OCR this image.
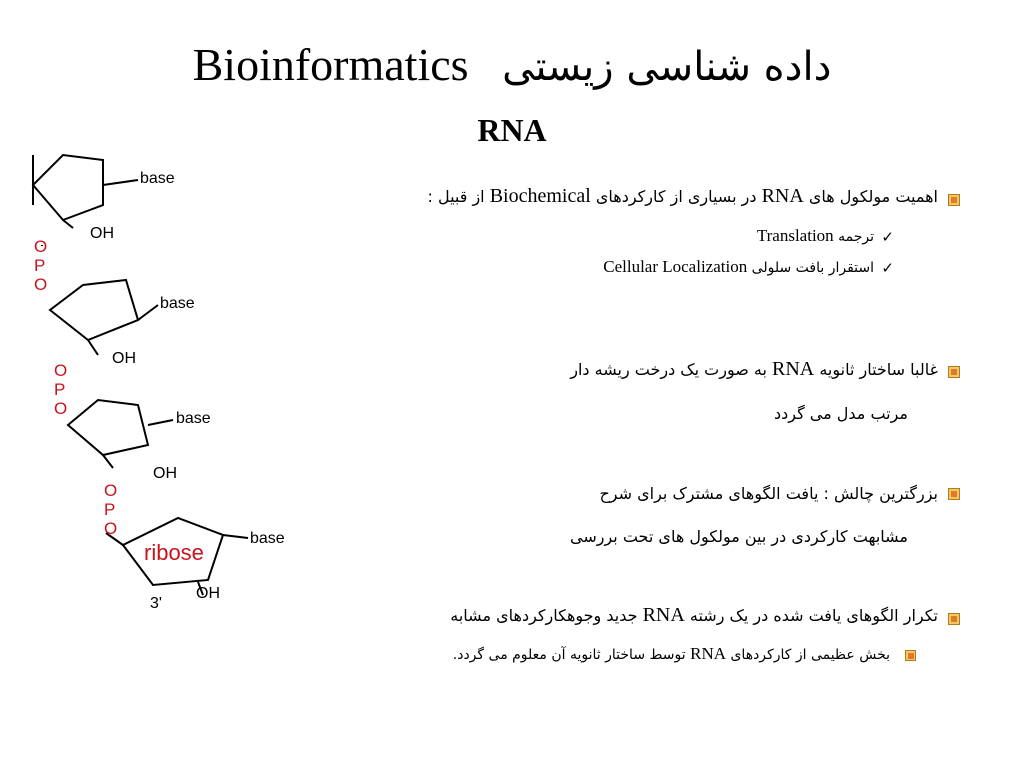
Bioinformatics داده شناسی زیستی
RNA
base
OH
base
OH
base
OH
base
OH
3'
O
P
O
O
P
O
O
P
O
ribose
اهمیت مولکول های RNA در بسیاری از کارکردهای Biochemical از قبیل :
✓
ترجمه Translation
✓
استقرار بافت سلولی Cellular Localization
غالبا ساختار ثانویه RNA به صورت یک درخت ریشه دار
مرتب مدل می گردد
بزرگترین چالش : یافت الگوهای مشترک برای شرح
مشابهت کارکردی در بین مولکول های تحت بررسی
تکرار الگوهای یافت شده در یک رشته RNA جدید وجوهکارکردهای مشابه
بخش عظیمی از کارکردهای RNA توسط ساختار ثانویه آن معلوم می گردد.
